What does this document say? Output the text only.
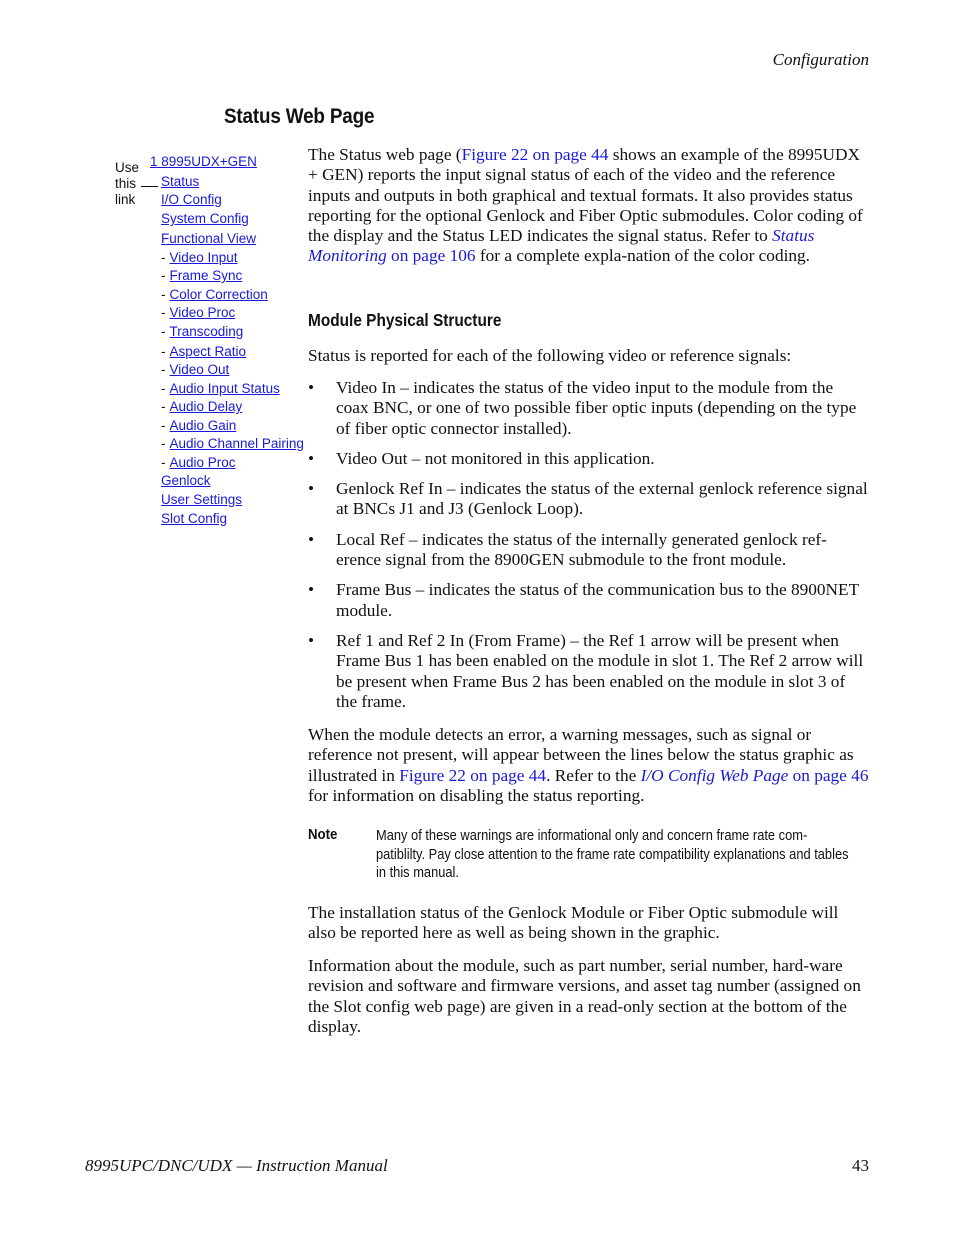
Configuration
Status Web Page
Use
this
link
1 8995UDX+GEN
Status
I/O Config
System Config
Functional View
- Video Input
- Frame Sync
- Color Correction
- Video Proc
- Transcoding
- Aspect Ratio
- Video Out
- Audio Input Status
- Audio Delay
- Audio Gain
- Audio Channel Pairing
- Audio Proc
Genlock
User Settings
Slot Config

The Status web page (Figure 22 on page 44 shows an example of the 8995UDX + GEN) reports the input signal status of each of the video and the reference inputs and outputs in both graphical and textual formats. It also provides status reporting for the optional Genlock and Fiber Optic submodules. Color coding of the display and the Status LED indicates the signal status. Refer to Status Monitoring on page 106 for a complete expla-nation of the color coding.

Module Physical Structure
Status is reported for each of the following video or reference signals:
• Video In – indicates the status of the video input to the module from the coax BNC, or one of two possible fiber optic inputs (depending on the type of fiber optic connector installed).
• Video Out – not monitored in this application.
• Genlock Ref In – indicates the status of the external genlock reference signal at BNCs J1 and J3 (Genlock Loop).
• Local Ref – indicates the status of the internally generated genlock ref-erence signal from the 8900GEN submodule to the front module.
• Frame Bus – indicates the status of the communication bus to the 8900NET module.
• Ref 1 and Ref 2 In (From Frame) – the Ref 1 arrow will be present when Frame Bus 1 has been enabled on the module in slot 1. The Ref 2 arrow will be present when Frame Bus 2 has been enabled on the module in slot 3 of the frame.

When the module detects an error, a warning messages, such as signal or reference not present, will appear between the lines below the status graphic as illustrated in Figure 22 on page 44. Refer to the I/O Config Web Page on page 46 for information on disabling the status reporting.

Note	Many of these warnings are informational only and concern frame rate com-patiblilty. Pay close attention to the frame rate compatibility explanations and tables in this manual.
The installation status of the Genlock Module or Fiber Optic submodule will also be reported here as well as being shown in the graphic.
Information about the module, such as part number, serial number, hard-ware revision and software and firmware versions, and asset tag number (assigned on the Slot config web page) are given in a read-only section at the bottom of the display.
8995UPC/DNC/UDX — Instruction Manual	43
